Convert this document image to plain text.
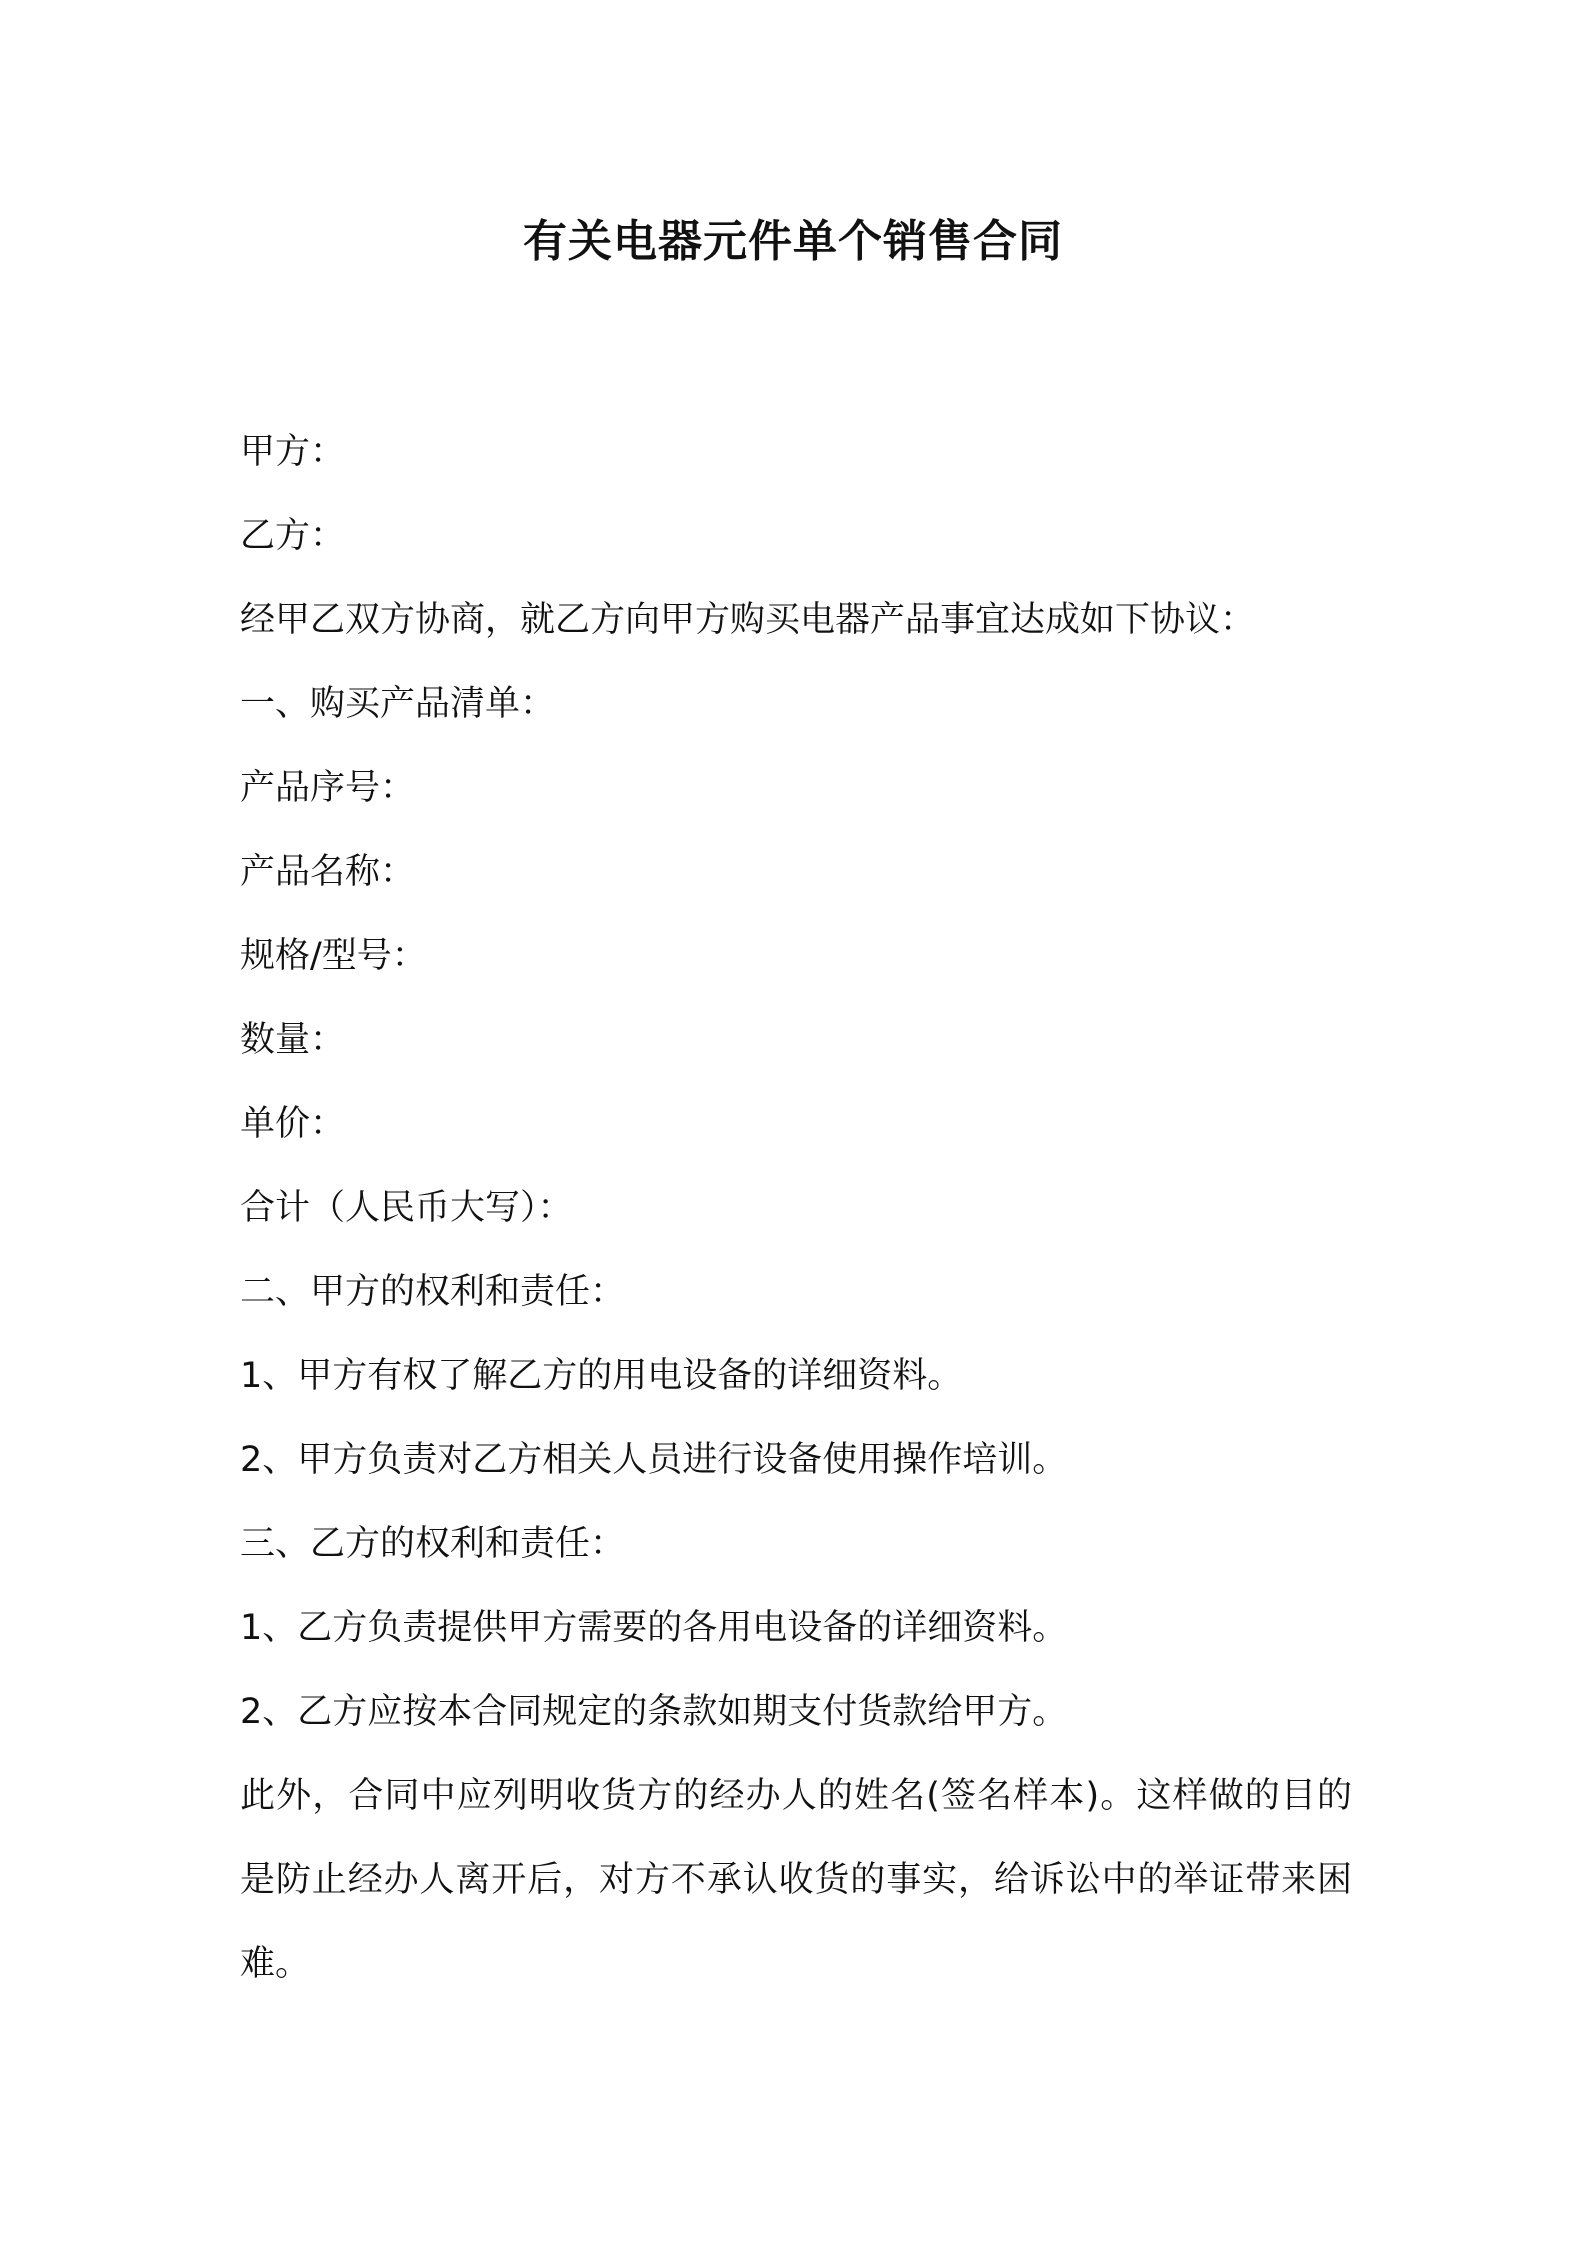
有关电器元件单个销售合同

甲方：

乙方：

经甲乙双方协商，就乙方向甲方购买电器产品事宜达成如下协议：

一、购买产品清单：

产品序号：

产品名称：

规格/型号：

数量：

单价：

合计（人民币大写）：

二、甲方的权利和责任：

1、甲方有权了解乙方的用电设备的详细资料。

2、甲方负责对乙方相关人员进行设备使用操作培训。

三、乙方的权利和责任：

1、乙方负责提供甲方需要的各用电设备的详细资料。

2、乙方应按本合同规定的条款如期支付货款给甲方。

此外，合同中应列明收货方的经办人的姓名(签名样本)。这样做的目的是防止经办人离开后，对方不承认收货的事实，给诉讼中的举证带来困难。
